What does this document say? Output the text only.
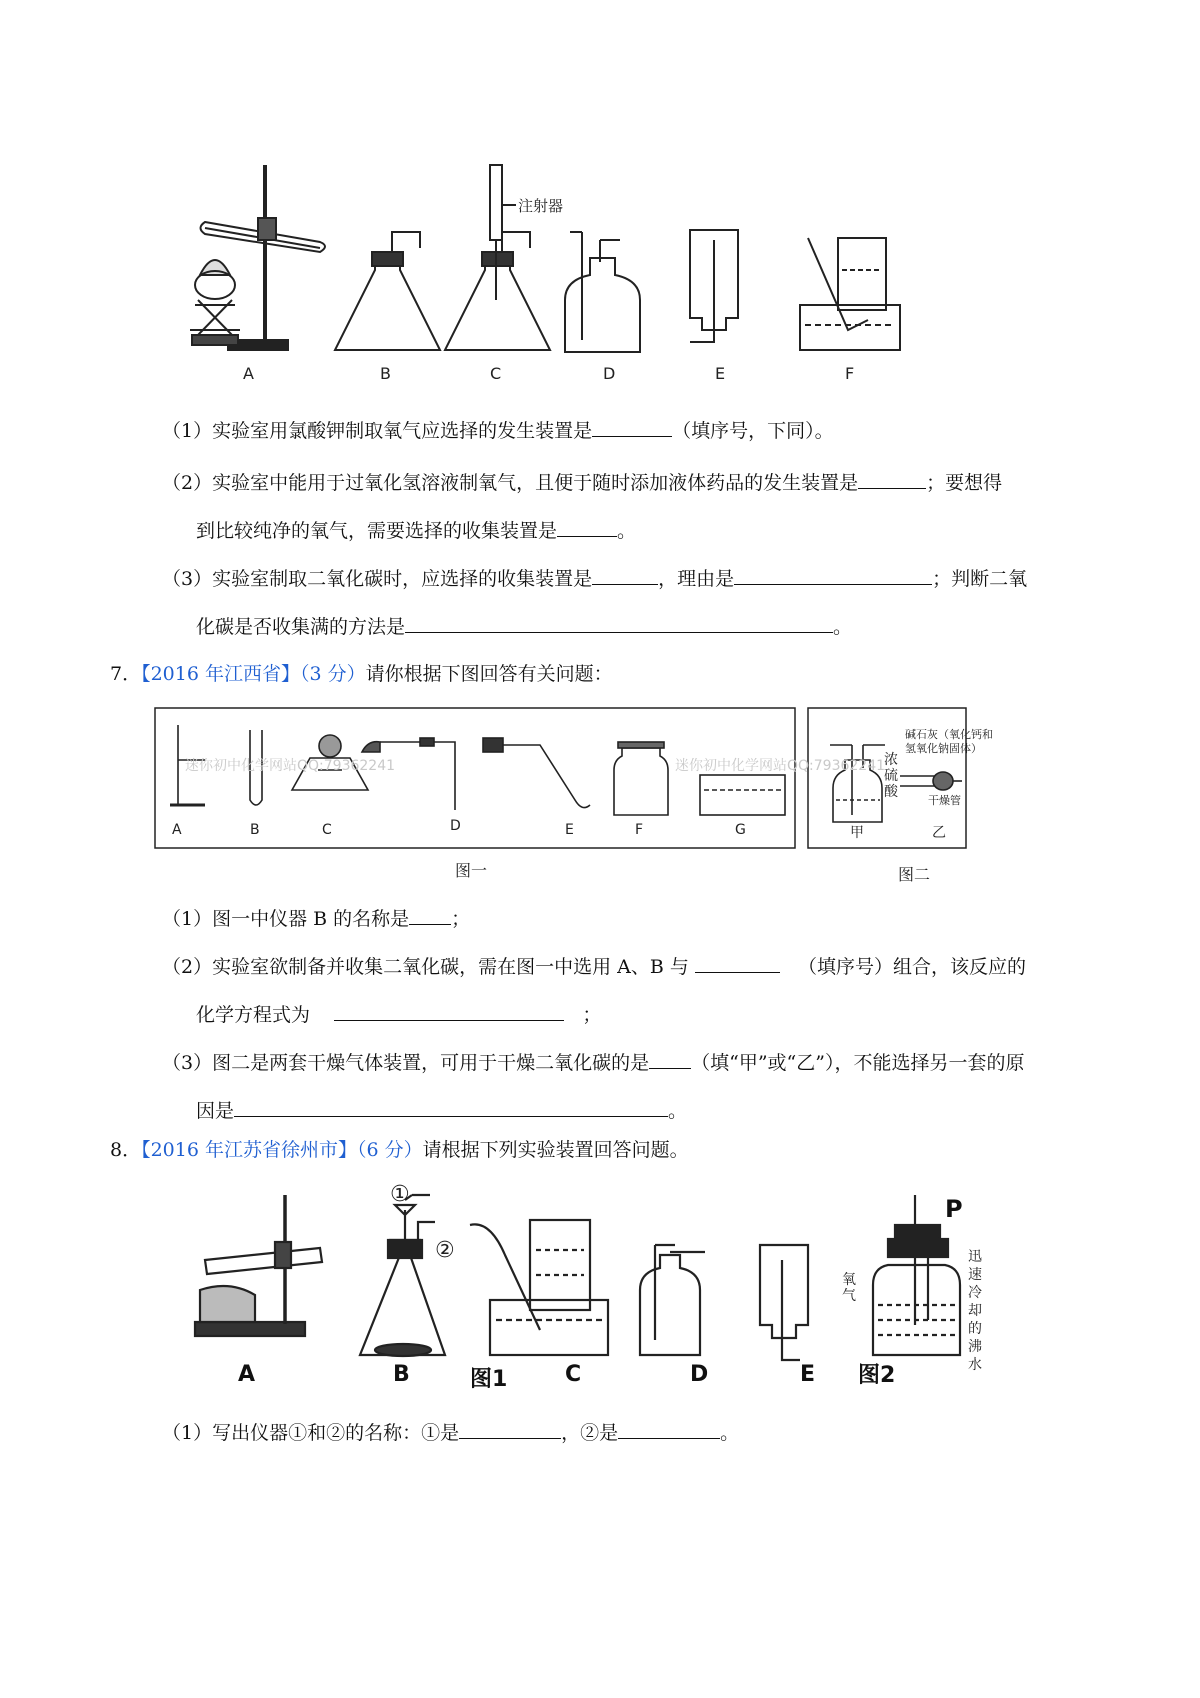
A	B	C	D	E	F
注射器
（1）实验室用氯酸钾制取氧气应选择的发生装置是	（填序号，下同）。
（2）实验室中能用于过氧化氢溶液制氧气，且便于随时添加液体药品的发生装置是	；要想得
到比较纯净的氧气，需要选择的收集装置是	。
（3）实验室制取二氧化碳时，应选择的收集装置是	，理由是	；判断二氧
化碳是否收集满的方法是	。
7．【2016 年江西省】（3 分）请你根据下图回答有关问题：
迷你初中化学网站QQ:79362241	迷你初中化学网站QQ:79362241
A	B	C	D	E	F	G
图一
浓硫酸
碱石灰（氧化钙和
氢氧化钠固体）
干燥管
甲	乙
图二
（1）图一中仪器 B 的名称是 ；
（2）实验室欲制备并收集二氧化碳，需在图一中选用 A、B 与	（填序号）组合，该反应的
化学方程式为	；
（3）图二是两套干燥气体装置，可用于干燥二氧化碳的是 （填“甲”或“乙”），不能选择另一套的原
因是	。
8．【2016 年江苏省徐州市】（6 分）请根据下列实验装置回答问题。
①
②
A	B	图1	C	D	E 图2
P
氧气
迅速冷却的沸水
（1）写出仪器①和②的名称：①是	，②是	。
